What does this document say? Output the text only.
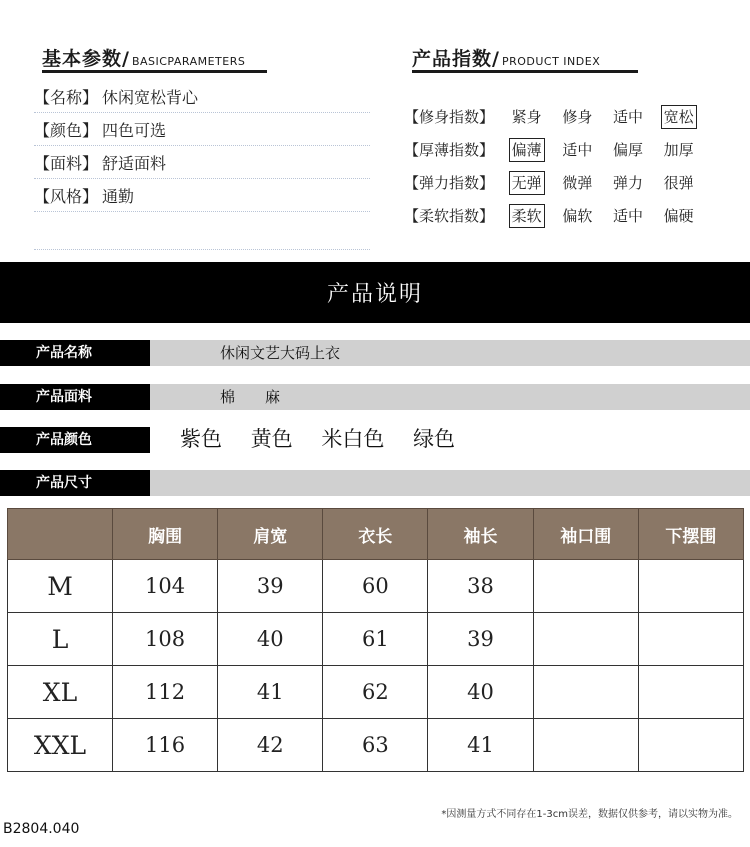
基本参数/ BASICPARAMETERS
【名称】 休闲宽松背心
【颜色】 四色可选
【面料】 舒适面料
【风格】 通勤
产品指数/ PRODUCT INDEX
【修身指数】	紧身	修身	适中	宽松
【厚薄指数】	偏薄	适中	偏厚	加厚
【弹力指数】	无弹	微弹	弹力	很弹
【柔软指数】	柔软	偏软	适中	偏硬
产品说明
产品名称	休闲文艺大码上衣
产品面料	棉　　麻
产品颜色	紫色 黄色 米白色 绿色
产品尺寸
	胸围	肩宽	衣长	袖长	袖口围	下摆围
M	104	39	60	38		
L	108	40	61	39		
XL	112	41	62	40		
XXL	116	42	63	41		
*因测量方式不同存在1-3cm误差，数据仅供参考，请以实物为准。
B2804.040
